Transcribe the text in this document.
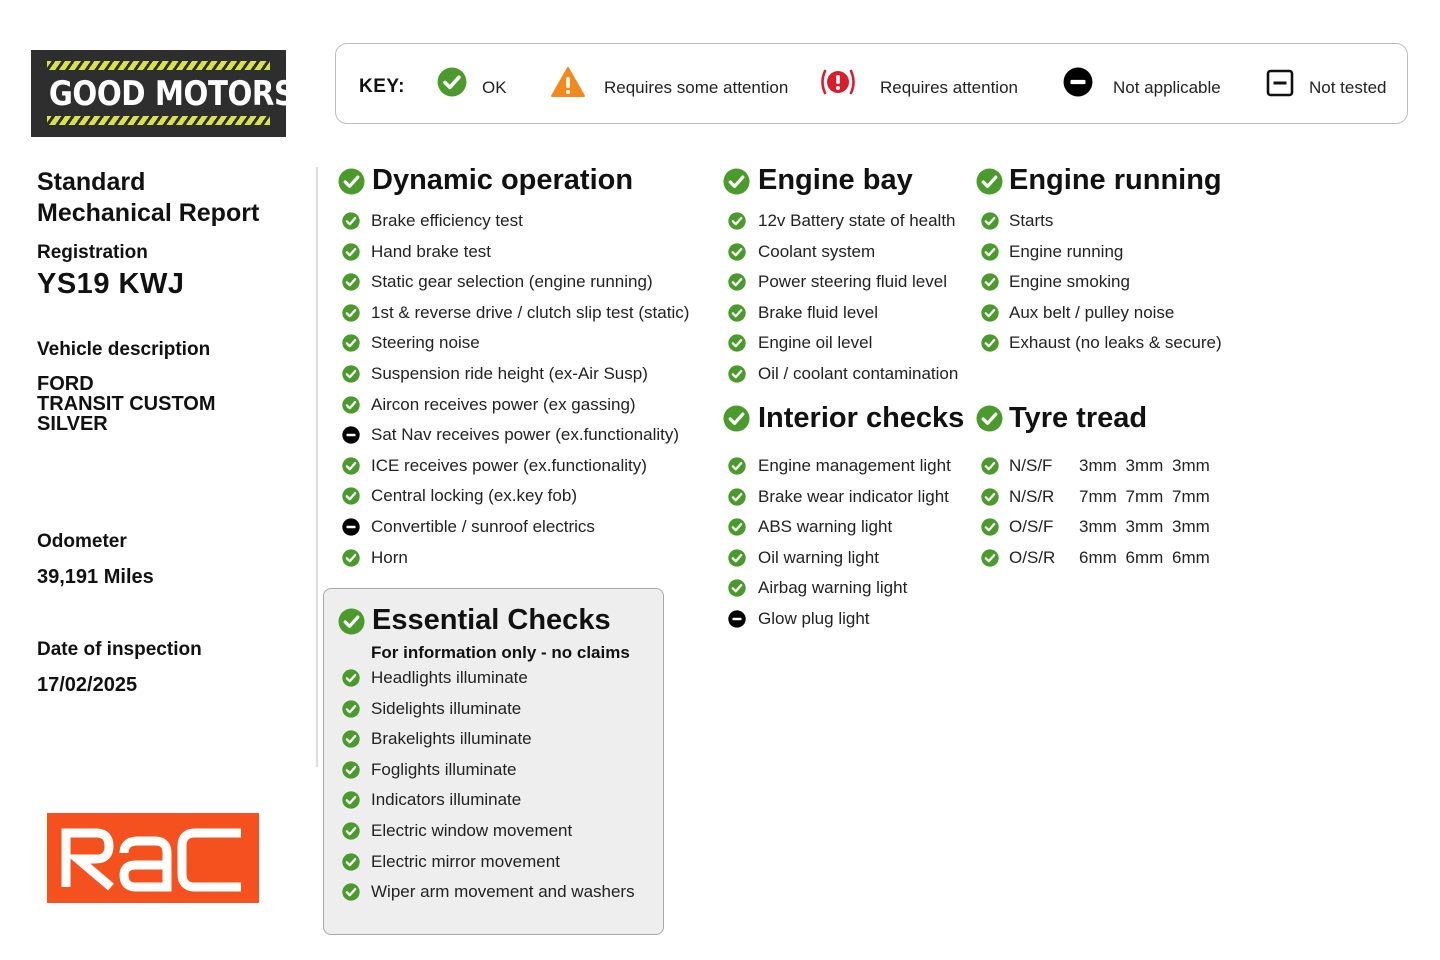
GOOD MOTORS	KEY:	OK	Requires some attention	Requires attention	Not applicable	Not tested
Standard
Mechanical Report
Registration
YS19 KWJ
Vehicle description
FORD
TRANSIT CUSTOM
SILVER
Odometer
39,191 Miles
Date of inspection
17/02/2025
Dynamic operation	Engine bay	Engine running
Interior checks Tyre tread
Essential Checks
For information only - no claims
Brake efficiency test
Hand brake test
Static gear selection (engine running)
1st & reverse drive / clutch slip test (static)
Steering noise
Suspension ride height (ex-Air Susp)
Aircon receives power (ex gassing)
Sat Nav receives power (ex.functionality)
ICE receives power (ex.functionality)
Central locking (ex.key fob)
Convertible / sunroof electrics
Horn
12v Battery state of health
Coolant system
Power steering fluid level
Brake fluid level
Engine oil level
Oil / coolant contamination
Starts
Engine running
Engine smoking
Aux belt / pulley noise
Exhaust (no leaks & secure)
Engine management light
Brake wear indicator light
ABS warning light
Oil warning light
Airbag warning light
Glow plug light
Headlights illuminate
Sidelights illuminate
Brakelights illuminate
Foglights illuminate
Indicators illuminate
Electric window movement
Electric mirror movement
Wiper arm movement and washers
N/S/F 3mm 3mm 3mm
N/S/R 7mm 7mm 7mm
O/S/F 3mm 3mm 3mm
O/S/R 6mm 6mm 6mm
